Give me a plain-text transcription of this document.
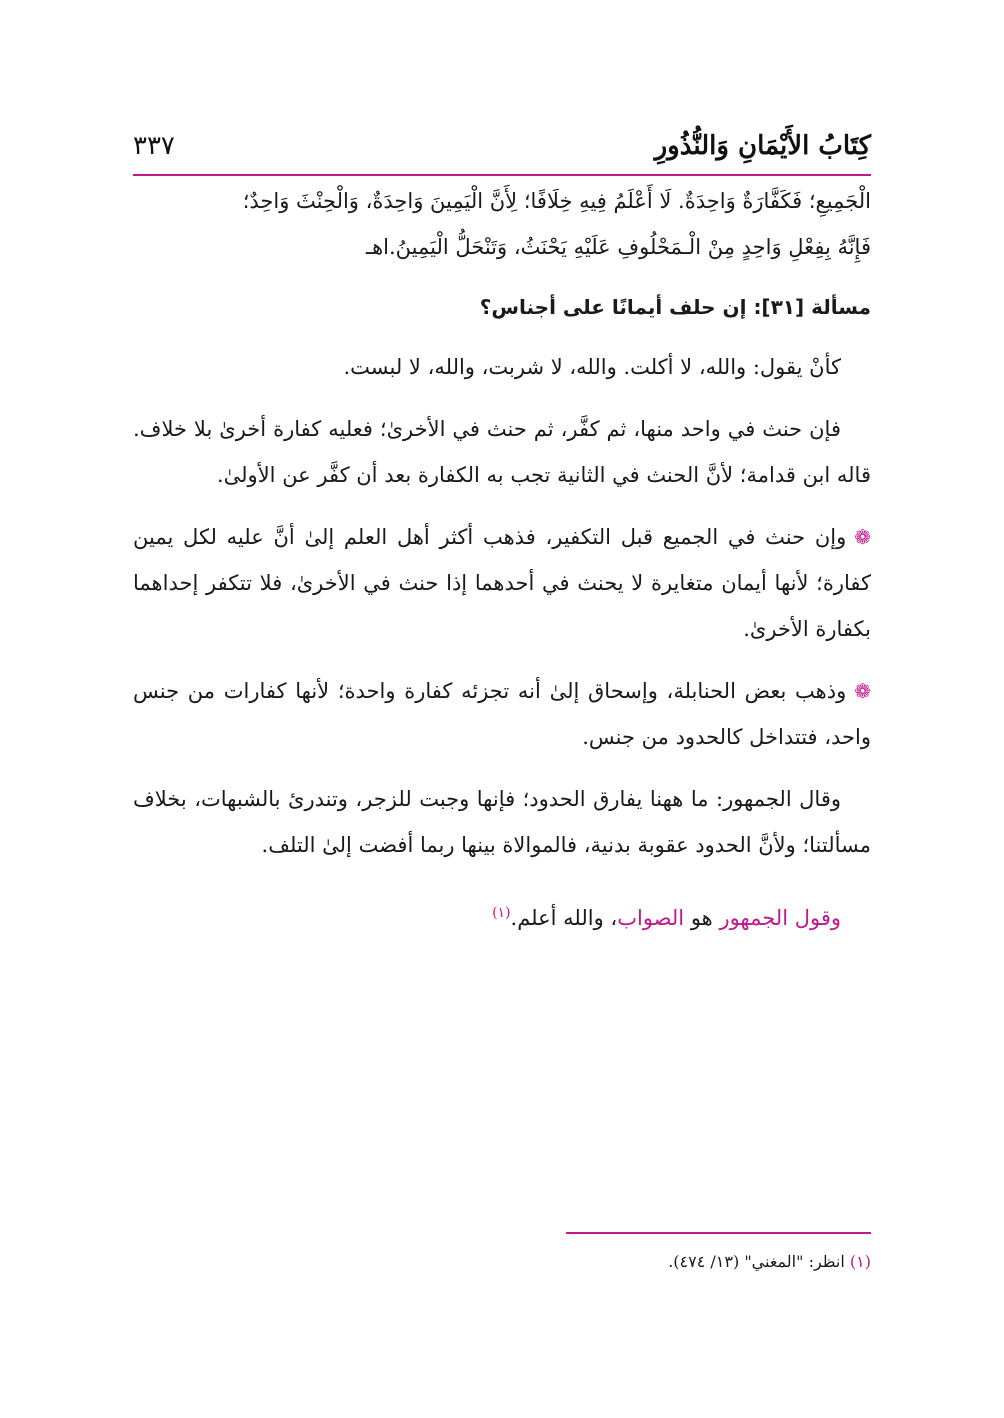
كِتَابُ الأَيْمَانِ وَالنُّذُورِ
٣٣٧

الْجَمِيعِ؛ فَكَفَّارَةٌ وَاحِدَةٌ. لَا أَعْلَمُ فِيهِ خِلَافًا؛ لِأَنَّ الْيَمِينَ وَاحِدَةٌ، وَالْحِنْثَ وَاحِدٌ؛

فَإِنَّهُ بِفِعْلِ وَاحِدٍ مِنْ الْـمَحْلُوفِ عَلَيْهِ يَحْنَثُ، وَتَنْحَلُّ الْيَمِينُ.اهـ

مسألة [٣١]: إن حلف أيمانًا على أجناس؟

كأنْ يقول: والله، لا أكلت. والله، لا شربت، والله، لا لبست.

فإن حنث في واحد منها، ثم كفَّر، ثم حنث في الأخرىٰ؛ فعليه كفارة أخرىٰ بلا خلاف. قاله ابن قدامة؛ لأنَّ الحنث في الثانية تجب به الكفارة بعد أن كفَّر عن الأولىٰ.

❁وإن حنث في الجميع قبل التكفير، فذهب أكثر أهل العلم إلىٰ أنَّ عليه لكل يمين كفارة؛ لأنها أيمان متغايرة لا يحنث في أحدهما إذا حنث في الأخرىٰ، فلا تتكفر إحداهما بكفارة الأخرىٰ.

❁وذهب بعض الحنابلة، وإسحاق إلىٰ أنه تجزئه كفارة واحدة؛ لأنها كفارات من جنس واحد، فتتداخل كالحدود من جنس.

وقال الجمهور: ما ههنا يفارق الحدود؛ فإنها وجبت للزجر، وتندرئ بالشبهات، بخلاف مسألتنا؛ ولأنَّ الحدود عقوبة بدنية، فالموالاة بينها ربما أفضت إلىٰ التلف.

وقول الجمهور هو الصواب، والله أعلم.$^{(١)}$

(١) انظر: "المغني" (١٣/ ٤٧٤).
